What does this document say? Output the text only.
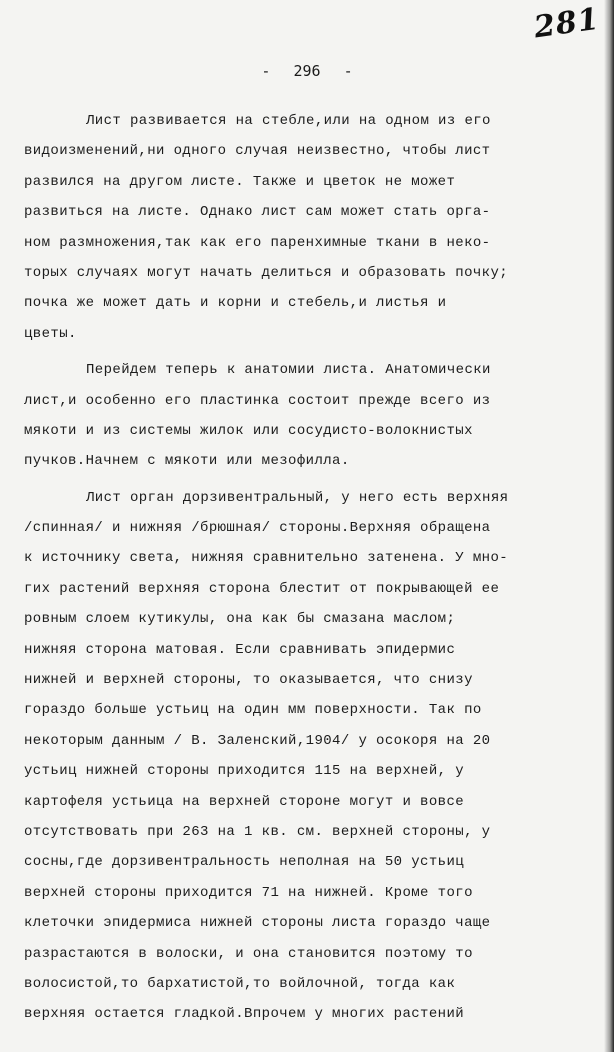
281
- 296 -
Лист развивается на стебле,или на одном из его
видоизменений,ни одного случая неизвестно, чтобы лист
развился на другом листе. Также и цветок не может
развиться на листе. Однако лист сам может стать орга-
ном размножения,так как его паренхимные ткани в неко-
торых случаях могут начать делиться и образовать почку;
почка же может дать и корни и стебель,и листья и
цветы.
Перейдем теперь к анатомии листа. Анатомически
лист,и особенно его пластинка состоит прежде всего из
мякоти и из системы жилок или сосудисто-волокнистых
пучков.Начнем с мякоти или мезофилла.
Лист орган дорзивентральный, у него есть верхняя
/спинная/ и нижняя /брюшная/ стороны.Верхняя обращена
к источнику света, нижняя сравнительно затенена. У мно-
гих растений верхняя сторона блестит от покрывающей ее
ровным слоем кутикулы, она как бы смазана маслом;
нижняя сторона матовая. Если сравнивать эпидермис
нижней и верхней стороны, то оказывается, что снизу
гораздо больше устьиц на один мм поверхности. Так по
некоторым данным / В. Заленский,1904/ у осокоря на 20
устьиц нижней стороны приходится 115 на верхней, у
картофеля устьица на верхней стороне могут и вовсе
отсутствовать при 263 на 1 кв. см. верхней стороны, у
сосны,где дорзивентральность неполная на 50 устьиц
верхней стороны приходится 71 на нижней. Кроме того
клеточки эпидермиса нижней стороны листа гораздо чаще
разрастаются в волоски, и она становится поэтому то
волосистой,то бархатистой,то войлочной, тогда как
верхняя остается гладкой.Впрочем у многих растений
